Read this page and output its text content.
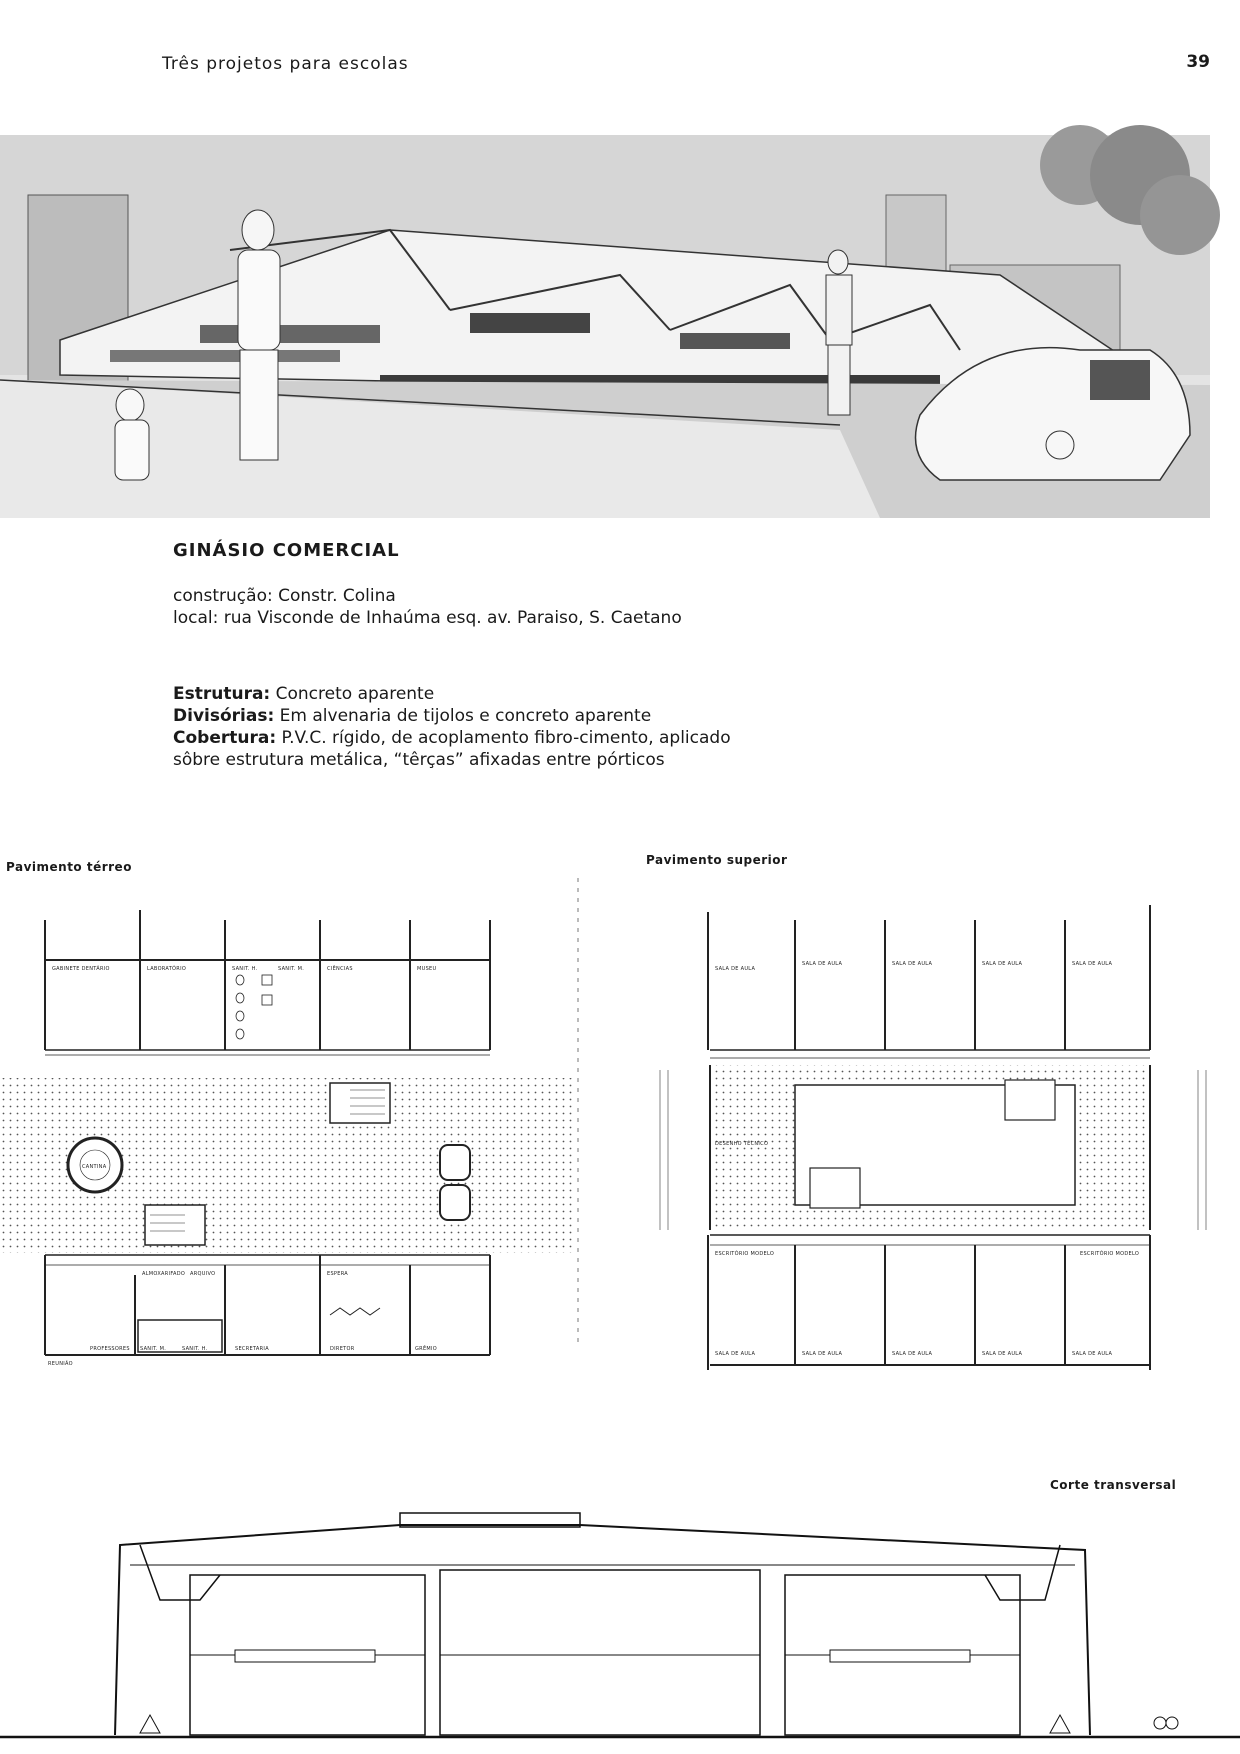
Três projetos para escolas	39
GINÁSIO COMERCIAL
construção: Constr. Colina
local: rua Visconde de Inhaúma esq. av. Paraiso, S. Caetano
Estrutura: Concreto aparente
Divisórias: Em alvenaria de tijolos e concreto aparente
Cobertura: P.V.C. rígido, de acoplamento fibro-cimento, aplicado sôbre estrutura metálica, “têrças” afixadas entre pórticos
Pavimento térreo	Pavimento superior
Corte transversal
GABINETE DENTÁRIO	LABORATÓRIO	SANIT. H.	SANIT. M.	CIÊNCIAS	MUSEU
CANTINA
ALMOXARIFADO ARQUIVO	ESPERA
REUNIÃO
PROFESSORES SANIT. M.	SANIT. H.	SECRETARIA	DIRETOR	GRÊMIO
SALA DE AULA
SALA DE AULA	SALA DE AULA	SALA DE AULA	SALA DE AULA
DESENHO TÉCNICO
ESCRITÓRIO MODELO	ESCRITÓRIO MODELO
SALA DE AULA	SALA DE AULA	SALA DE AULA	SALA DE AULA	SALA DE AULA
